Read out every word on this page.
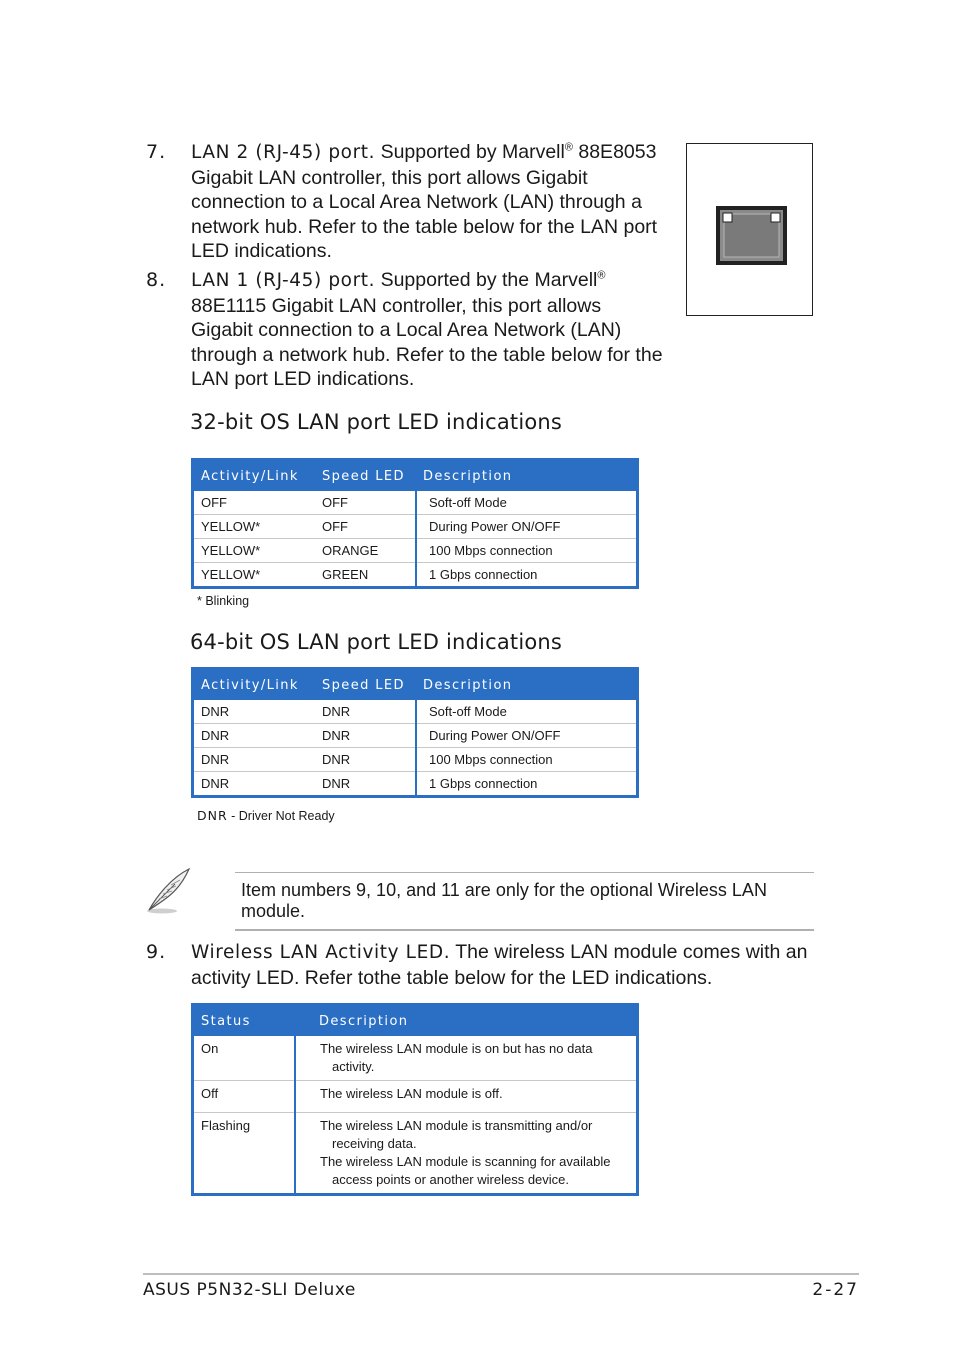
7. LAN 2 (RJ-45) port. Supported by Marvell® 88E8053 Gigabit LAN controller, this port allows Gigabit connection to a Local Area Network (LAN) through a network hub. Refer to the table below for the LAN port LED indications.
8. LAN 1 (RJ-45) port. Supported by the Marvell® 88E1115 Gigabit LAN controller, this port allows Gigabit connection to a Local Area Network (LAN) through a network hub. Refer to the table below for the LAN port LED indications.
32-bit OS LAN port LED indications
Activity/Link	Speed LED	Description
OFF	OFF	Soft-off Mode
YELLOW*	OFF	During Power ON/OFF
YELLOW*	ORANGE	100 Mbps connection
YELLOW*	GREEN	1 Gbps connection
* Blinking
64-bit OS LAN port LED indications
Activity/Link	Speed LED	Description
DNR	DNR	Soft-off Mode
DNR	DNR	During Power ON/OFF
DNR	DNR	100 Mbps connection
DNR	DNR	1 Gbps connection
DNR - Driver Not Ready
Item numbers 9, 10, and 11 are only for the optional Wireless LAN module.
9. Wireless LAN Activity LED. The wireless LAN module comes with an activity LED. Refer tothe table below for the LED indications.
Status	Description
On	The wireless LAN module is on but has no data activity.

Off	The wireless LAN module is off.

Flashing	The wireless LAN module is transmitting and/or receiving data.
The wireless LAN module is scanning for available access points or another wireless device.
ASUS P5N32-SLI Deluxe	2-27
